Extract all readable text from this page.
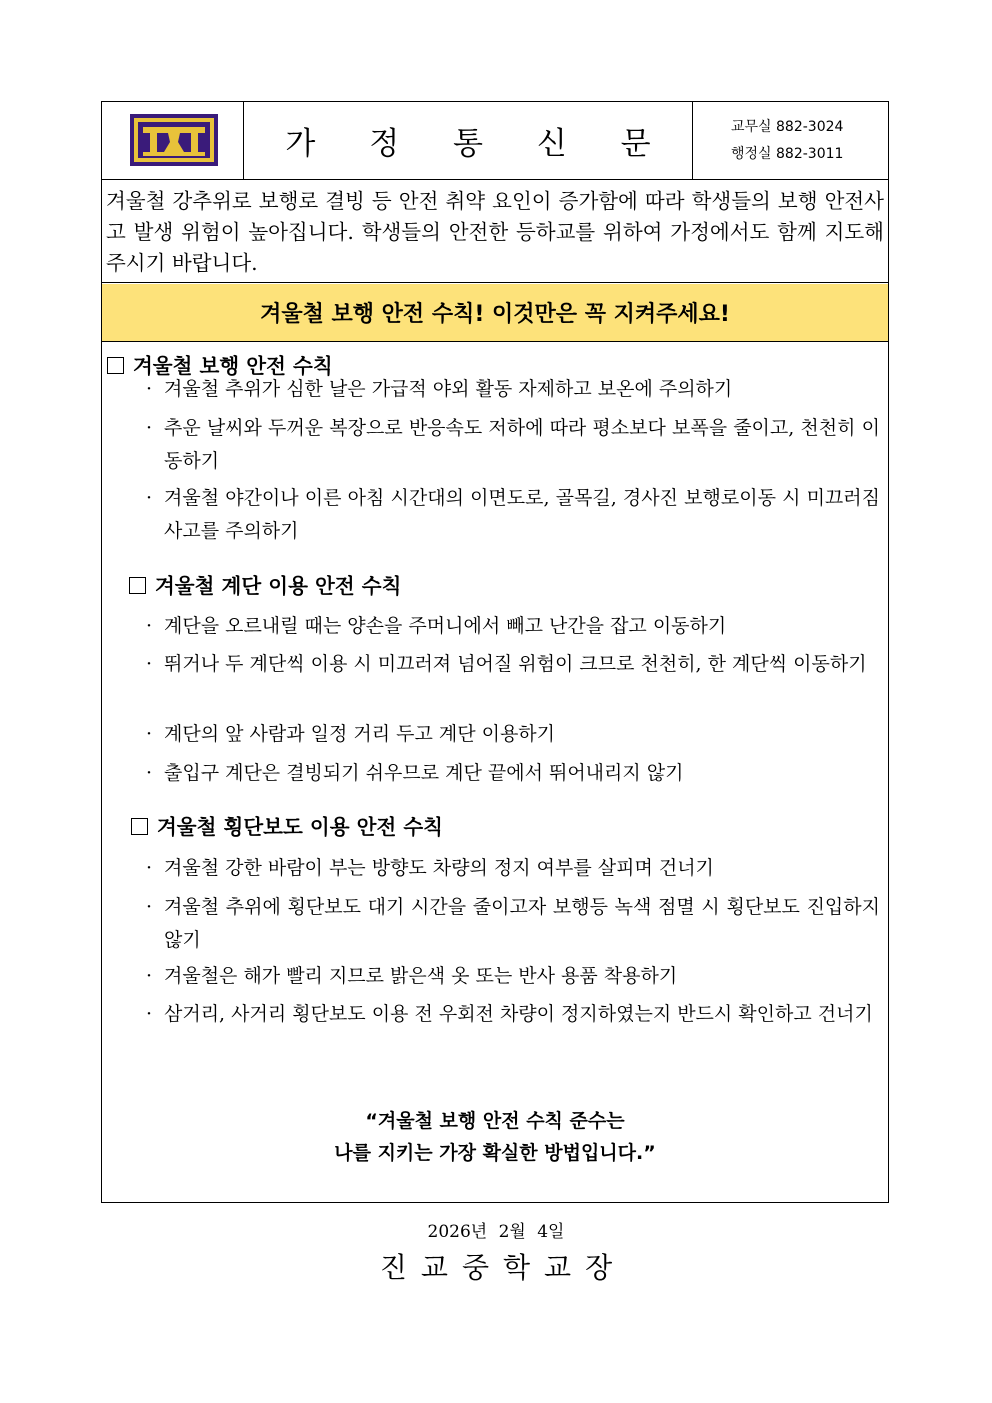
가 정 통 신 문	교무실 882-3024
행정실 882-3011

겨울철 강추위로 보행로 결빙 등 안전 취약 요인이 증가함에 따라 학생들의 보행 안전사고 발생 위험이 높아집니다. 학생들의 안전한 등하교를 위하여 가정에서도 함께 지도해 주시기 바랍니다.

겨울철 보행 안전 수칙! 이것만은 꼭 지켜주세요!
겨울철 보행 안전 수칙
· 겨울철 추위가 심한 날은 가급적 야외 활동 자제하고 보온에 주의하기
· 추운 날씨와 두꺼운 복장으로 반응속도 저하에 따라 평소보다 보폭을 줄이고, 천천히 이동하기
· 겨울철 야간이나 이른 아침 시간대의 이면도로, 골목길, 경사진 보행로이동 시 미끄러짐 사고를 주의하기
겨울철 계단 이용 안전 수칙
· 계단을 오르내릴 때는 양손을 주머니에서 빼고 난간을 잡고 이동하기
· 뛰거나 두 계단씩 이용 시 미끄러져 넘어질 위험이 크므로 천천히, 한 계단씩 이동하기
· 계단의 앞 사람과 일정 거리 두고 계단 이용하기
· 출입구 계단은 결빙되기 쉬우므로 계단 끝에서 뛰어내리지 않기
겨울철 횡단보도 이용 안전 수칙
· 겨울철 강한 바람이 부는 방향도 차량의 정지 여부를 살피며 건너기
· 겨울철 추위에 횡단보도 대기 시간을 줄이고자 보행등 녹색 점멸 시 횡단보도 진입하지 않기
· 겨울철은 해가 빨리 지므로 밝은색 옷 또는 반사 용품 착용하기
· 삼거리, 사거리 횡단보도 이용 전 우회전 차량이 정지하였는지 반드시 확인하고 건너기
“겨울철 보행 안전 수칙 준수는
나를 지키는 가장 확실한 방법입니다.”
2026년 2월 4일
진교중학교장
